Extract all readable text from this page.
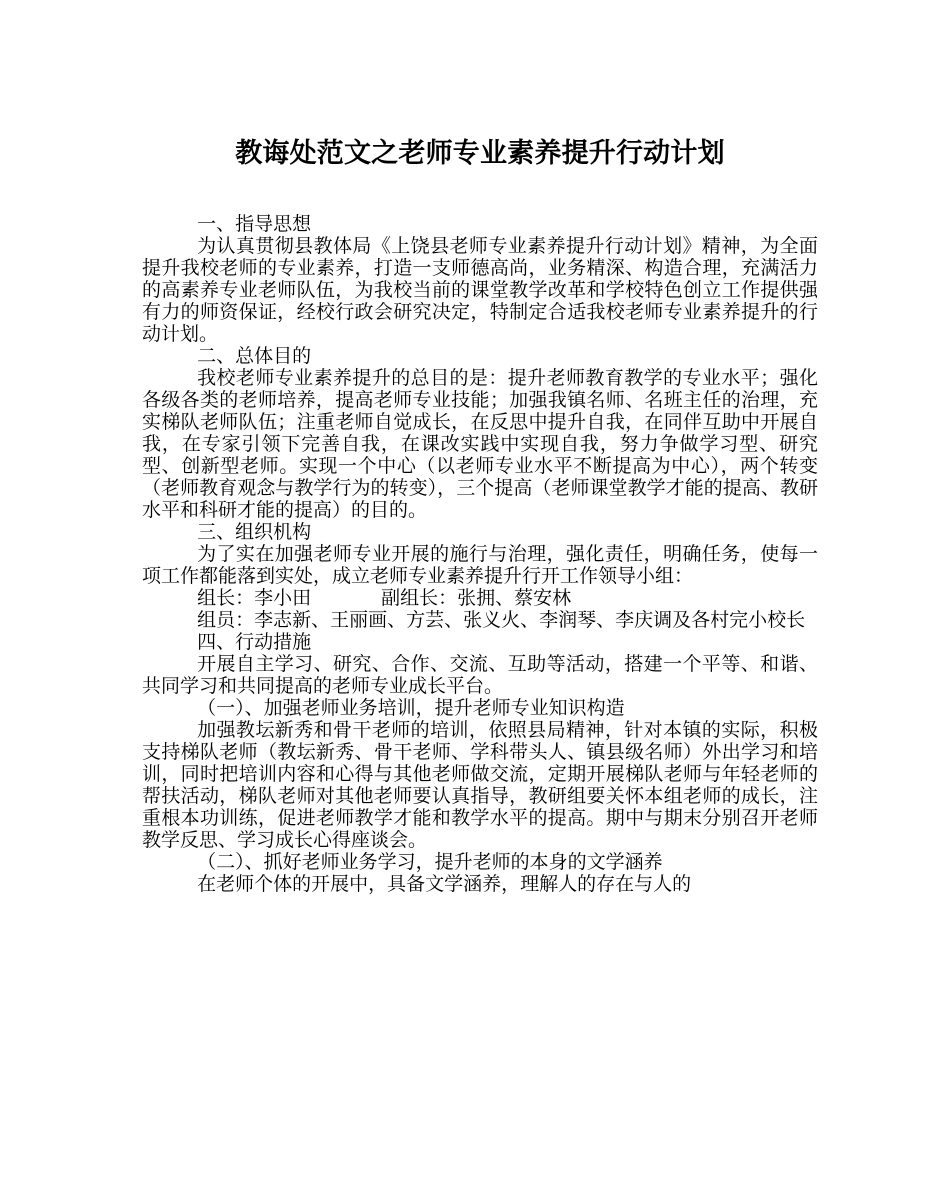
教诲处范文之老师专业素养提升行动计划

一、指导思想

为认真贯彻县教体局《上饶县老师专业素养提升行动计划》精神，为全面提升我校老师的专业素养，打造一支师德高尚，业务精深、构造合理，充满活力的高素养专业老师队伍，为我校当前的课堂教学改革和学校特色创立工作提供强有力的师资保证，经校行政会研究决定，特制定合适我校老师专业素养提升的行动计划。

二、总体目的

我校老师专业素养提升的总目的是：提升老师教育教学的专业水平；强化各级各类的老师培养，提高老师专业技能；加强我镇名师、名班主任的治理，充实梯队老师队伍；注重老师自觉成长，在反思中提升自我，在同伴互助中开展自我，在专家引领下完善自我，在课改实践中实现自我，努力争做学习型、研究型、创新型老师。实现一个中心（以老师专业水平不断提高为中心），两个转变（老师教育观念与教学行为的转变），三个提高（老师课堂教学才能的提高、教研水平和科研才能的提高）的目的。

三、组织机构

为了实在加强老师专业开展的施行与治理，强化责任，明确任务，使每一项工作都能落到实处，成立老师专业素养提升行开工作领导小组：

组长：李小田	副组长：张拥、蔡安林

组员：李志新、王丽画、方芸、张义火、李润琴、李庆调及各村完小校长

四、行动措施

开展自主学习、研究、合作、交流、互助等活动，搭建一个平等、和谐、共同学习和共同提高的老师专业成长平台。

（一）、加强老师业务培训，提升老师专业知识构造

加强教坛新秀和骨干老师的培训，依照县局精神，针对本镇的实际，积极支持梯队老师（教坛新秀、骨干老师、学科带头人、镇县级名师）外出学习和培训，同时把培训内容和心得与其他老师做交流，定期开展梯队老师与年轻老师的帮扶活动，梯队老师对其他老师要认真指导，教研组要关怀本组老师的成长，注重根本功训练，促进老师教学才能和教学水平的提高。期中与期末分别召开老师教学反思、学习成长心得座谈会。

（二）、抓好老师业务学习，提升老师的本身的文学涵养

在老师个体的开展中，具备文学涵养，理解人的存在与人的
